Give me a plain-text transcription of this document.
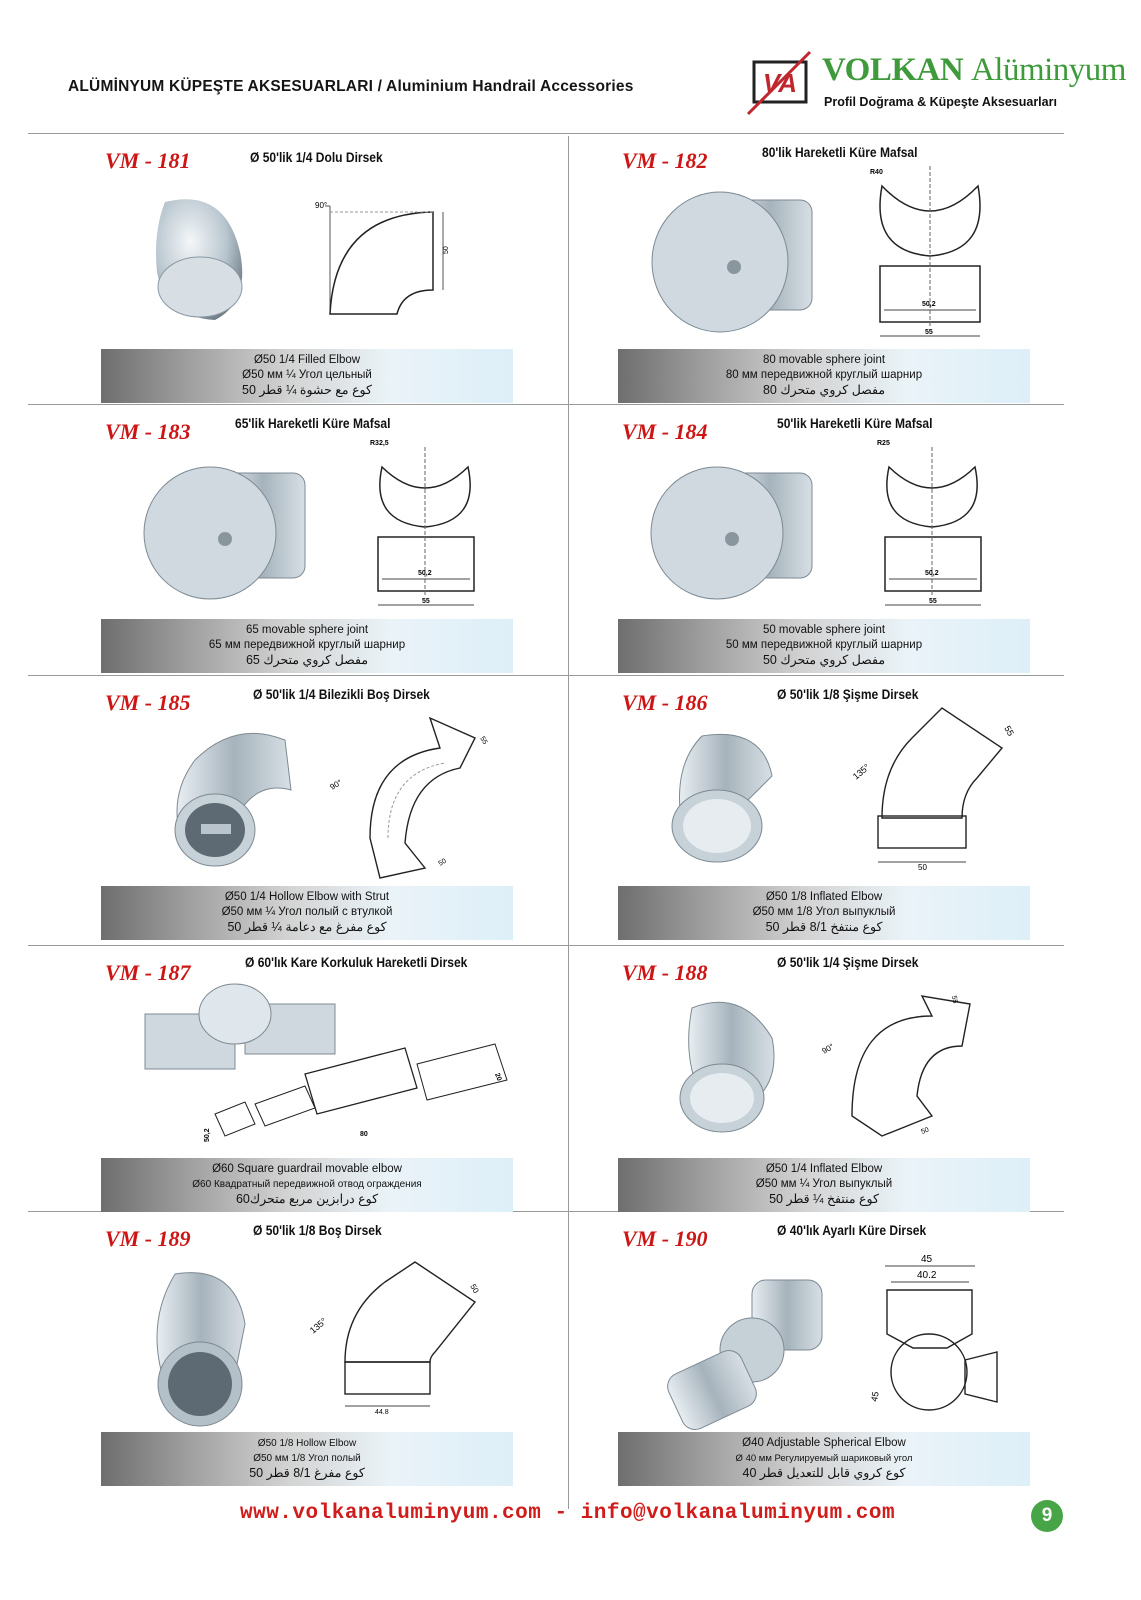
ALÜMİNYUM KÜPEŞTE AKSESUARLARI / Aluminium Handrail Accessories	VA VOLKAN Alüminyum
Profil Doğrama & Küpeşte Aksesuarları
VM - 181	Ø 50'lik 1/4 Dolu Dirsek
90°
50
Ø50 1/4 Filled Elbow
Ø50 мм ¼ Угол цельный
كوع مع حشوة ¼ قطر 50
VM - 182	80'lik Hareketli Küre Mafsal
R40
50,2
55
80 movable sphere joint
80 мм передвижной круглый шарнир
مفصل كروي متحرك 80
VM - 183	65'lik Hareketli Küre Mafsal
R32,5
50,2
55
65 movable sphere joint
65 мм передвижной круглый шарнир
مفصل كروي متحرك 65
VM - 184	50'lik Hareketli Küre Mafsal
R25
50,2
55
50 movable sphere joint
50 мм передвижной круглый шарнир
مفصل كروي متحرك 50
VM - 185	Ø 50'lik 1/4 Bilezikli Boş Dirsek
90°
55
50
Ø50 1/4 Hollow Elbow with Strut
Ø50 мм ¼ Угол полый с втулкой
كوع مفرغ مع دعامة ¼ قطر 50
VM - 186	Ø 50'lik 1/8 Şişme Dirsek
135°
55
50
Ø50 1/8 Inflated Elbow
Ø50 мм 1/8 Угол выпуклый
كوع منتفخ 8/1 قطر 50
VM - 187	Ø 60'lık Kare Korkuluk Hareketli Dirsek
20
80
50,2
Ø60 Square guardrail movable elbow
Ø60 Квадратный передвижной отвод ограждения
كوع درابزين مربع متحرك60
VM - 188	Ø 50'lik 1/4 Şişme Dirsek
90°
55
50
Ø50 1/4 Inflated Elbow
Ø50 мм ¼ Угол выпуклый
كوع منتفخ ¼ قطر 50
VM - 189	Ø 50'lik 1/8 Boş Dirsek
135°
50
44.8
Ø50 1/8 Hollow Elbow
Ø50 мм 1/8 Угол полый
كوع مفرغ 8/1 قطر 50
VM - 190	Ø 40'lık Ayarlı Küre Dirsek
45
40.2
45
Ø40 Adjustable Spherical Elbow
Ø 40 мм Регулируемый шариковый угол
كوع كروي قابل للتعديل قطر 40
www.volkanaluminyum.com - info@volkanaluminyum.com	9
